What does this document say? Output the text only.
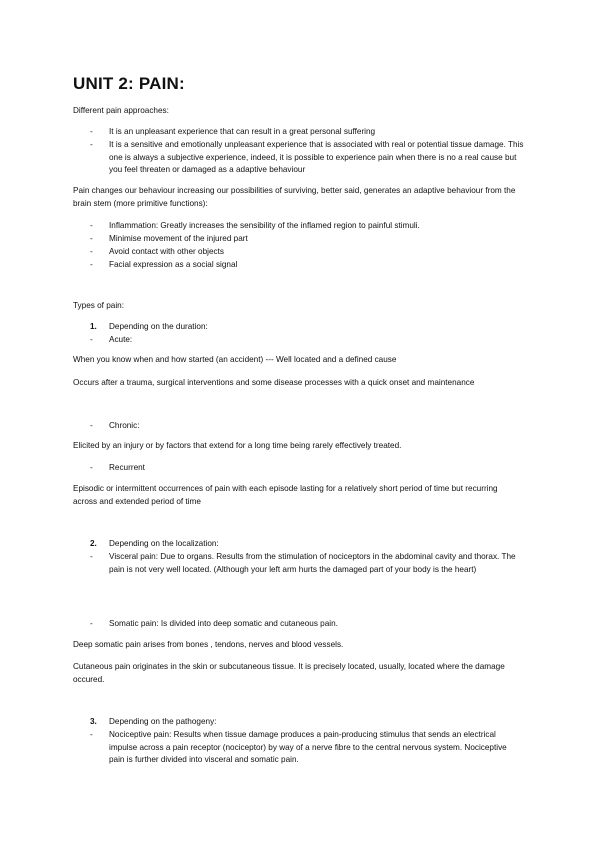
UNIT 2: PAIN:
Different pain approaches:
- It is an unpleasant experience that can result in a great personal suffering
- It is a sensitive and emotionally unpleasant experience that is associated with real or potential tissue damage. This one is always a subjective experience, indeed, it is possible to experience pain when there is no a real cause but you feel threaten or damaged as a adaptive behaviour
Pain changes our behaviour increasing our possibilities of surviving, better said, generates an adaptive behaviour from the brain stem (more primitive functions):
- Inflammation: Greatly increases the sensibility of the inflamed region to painful stimuli.
- Minimise movement of the injured part
- Avoid contact with other objects
- Facial expression as a social signal
Types of pain:
1. Depending on the duration:
- Acute:
When you know when and how started (an accident) --- Well located and a defined cause
Occurs after a trauma, surgical interventions and some disease processes with a quick onset and maintenance
- Chronic:
Elicited by an injury or by factors that extend for a long time being rarely effectively treated.
- Recurrent
Episodic or intermittent occurrences of pain with each episode lasting for a relatively short period of time but recurring across and extended period of time
2. Depending on the localization:
- Visceral pain: Due to organs. Results from the stimulation of nociceptors in the abdominal cavity and thorax. The pain is not very well located. (Although your left arm hurts the damaged part of your body is the heart)
- Somatic pain: Is divided into deep somatic and cutaneous pain.
Deep somatic pain arises from bones , tendons, nerves and blood vessels.
Cutaneous pain originates in the skin or subcutaneous tissue. It is precisely located, usually, located where the damage occured.
3. Depending on the pathogeny:
- Nociceptive pain: Results when tissue damage produces a pain-producing stimulus that sends an electrical impulse across a pain receptor (nociceptor) by way of a nerve fibre to the central nervous system. Nociceptive pain is further divided into visceral and somatic pain.
